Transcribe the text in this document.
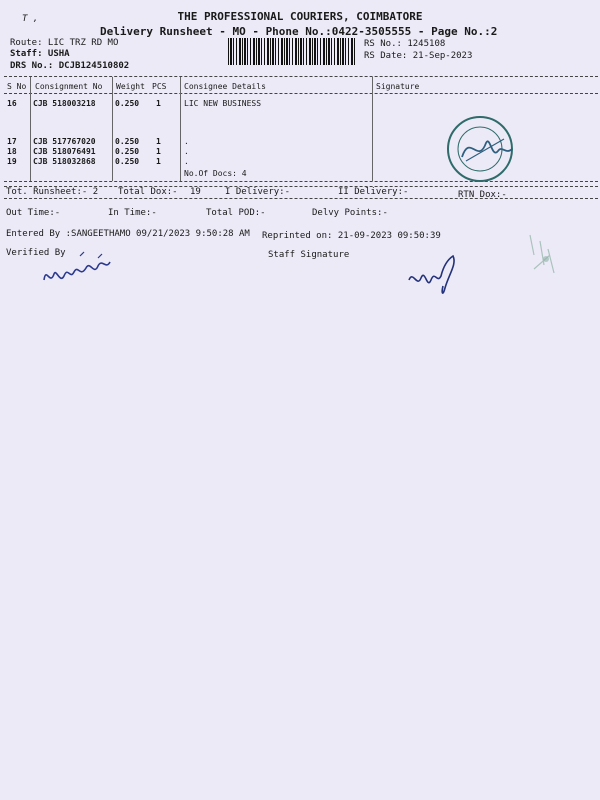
T ,	THE PROFESSIONAL COURIERS, COIMBATORE
Delivery Runsheet - MO - Phone No.:0422-3505555 - Page No.:2
Route: LIC TRZ RD MO
Staff: USHA
DRS No.: DCJB124510802
RS No.: 1245108
RS Date: 21-Sep-2023
S No Consignment No Weight PCS Consignee Details	Signature
16 CJB 518003218 0.250 1	LIC NEW BUSINESS
17 CJB 517767020 0.250 1	.
18 CJB 518076491 0.250 1	.
19 CJB 518032868 0.250 1	.
No.Of Docs: 4
Tot. Runsheet:- 2 Total Dox:- 19	I Delivery:-	II Delivery:-	RTN Dox:-
Out Time:-	In Time:-	Total POD:-	Delvy Points:-
Entered By :SANGEETHAMO 09/21/2023 9:50:28 AM Reprinted on: 21-09-2023 09:50:39
Verified By	Staff Signature
